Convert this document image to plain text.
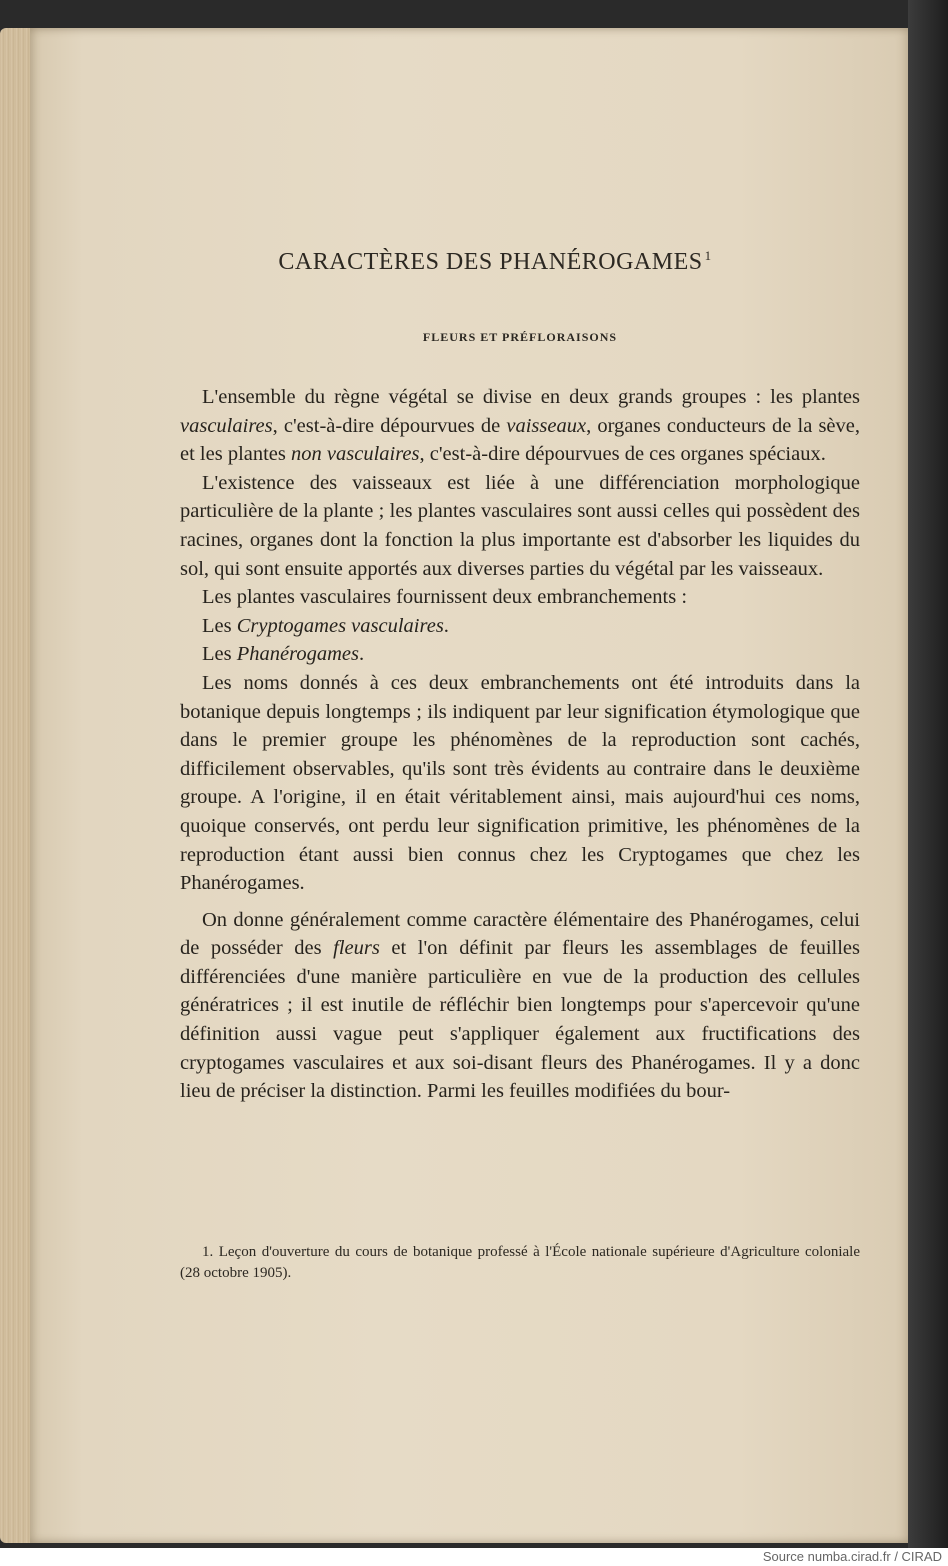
CARACTÈRES DES PHANÉROGAMES $^1$
FLEURS ET PRÉFLORAISONS

L'ensemble du règne végétal se divise en deux grands groupes : les plantes vasculaires, c'est-à-dire dépourvues de vaisseaux, organes conducteurs de la sève, et les plantes non vasculaires, c'est-à-dire dépourvues de ces organes spéciaux.

L'existence des vaisseaux est liée à une différenciation morphologique particulière de la plante ; les plantes vasculaires sont aussi celles qui possèdent des racines, organes dont la fonction la plus importante est d'absorber les liquides du sol, qui sont ensuite apportés aux diverses parties du végétal par les vaisseaux.

Les plantes vasculaires fournissent deux embranchements :

Les Cryptogames vasculaires.

Les Phanérogames.

Les noms donnés à ces deux embranchements ont été introduits dans la botanique depuis longtemps ; ils indiquent par leur signification étymologique que dans le premier groupe les phénomènes de la reproduction sont cachés, difficilement observables, qu'ils sont très évidents au contraire dans le deuxième groupe. A l'origine, il en était véritablement ainsi, mais aujourd'hui ces noms, quoique conservés, ont perdu leur signification primitive, les phénomènes de la reproduction étant aussi bien connus chez les Cryptogames que chez les Phanérogames.

On donne généralement comme caractère élémentaire des Phanérogames, celui de posséder des fleurs et l'on définit par fleurs les assemblages de feuilles différenciées d'une manière particulière en vue de la production des cellules génératrices ; il est inutile de réfléchir bien longtemps pour s'apercevoir qu'une définition aussi vague peut s'appliquer également aux fructifications des cryptogames vasculaires et aux soi-disant fleurs des Phanérogames. Il y a donc lieu de préciser la distinction. Parmi les feuilles modifiées du bour-

1. Leçon d'ouverture du cours de botanique professé à l'École nationale supérieure d'Agriculture coloniale (28 octobre 1905).

Source numba.cirad.fr / CIRAD
